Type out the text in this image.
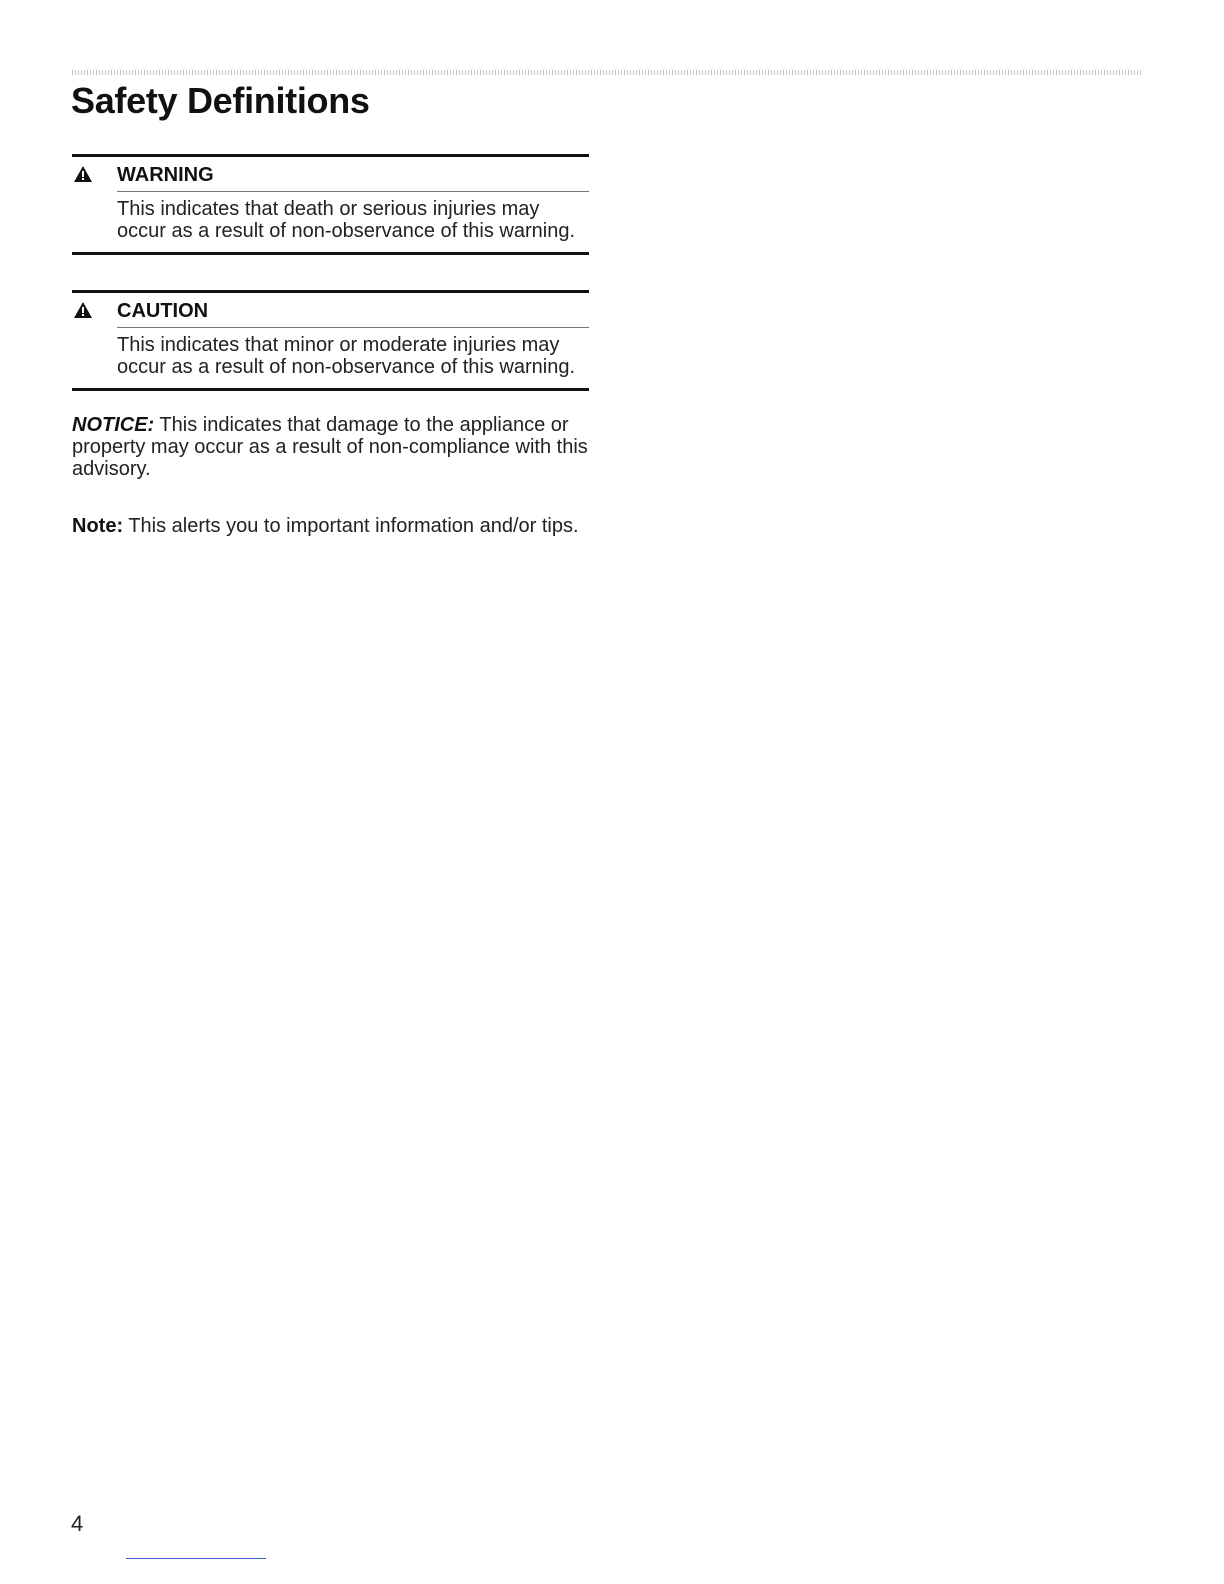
Safety Definitions
WARNING
This indicates that death or serious injuries may occur as a result of non-observance of this warning.
CAUTION
This indicates that minor or moderate injuries may occur as a result of non-observance of this warning.

NOTICE: This indicates that damage to the appliance or property may occur as a result of non-compliance with this advisory.

Note: This alerts you to important information and/or tips.

4
